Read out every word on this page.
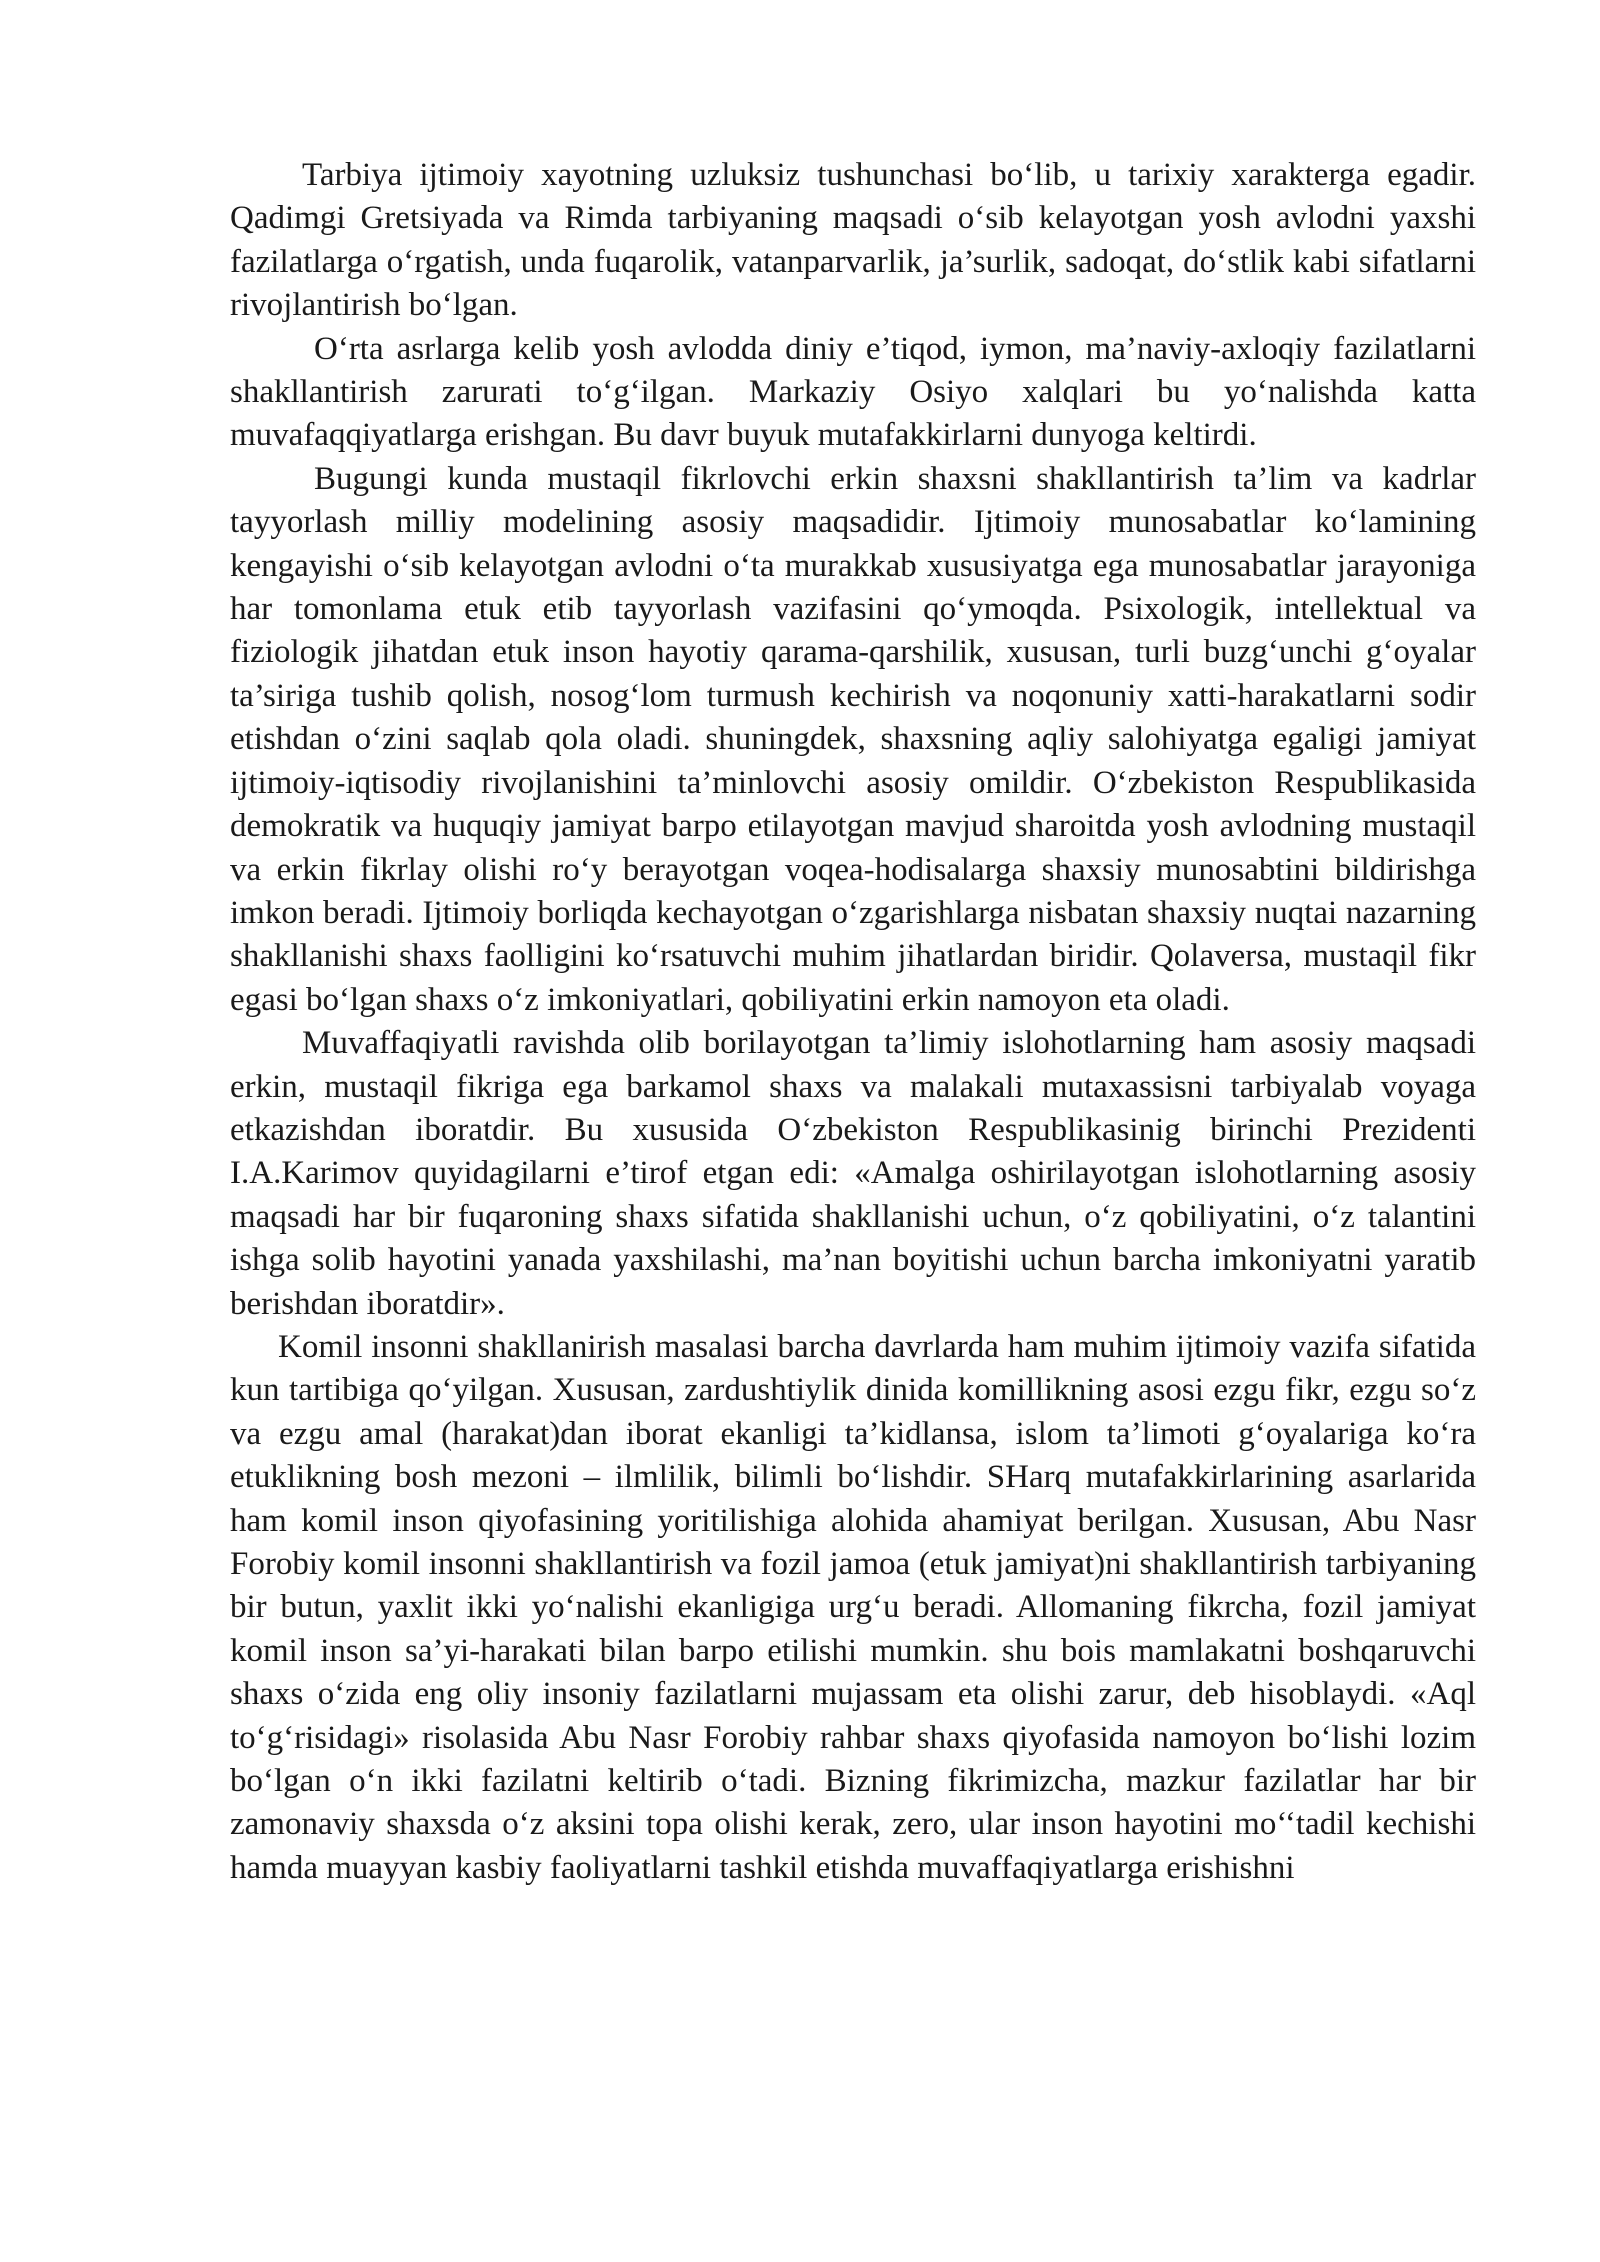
Tarbiya ijtimoiy xayotning uzluksiz tushunchasi bo‘lib, u tarixiy xarakterga egadir. Qadimgi Gretsiyada va Rimda tarbiyaning maqsadi o‘sib kelayotgan yosh avlodni yaxshi fazilatlarga o‘rgatish, unda fuqarolik, vatanparvarlik, ja’surlik, sadoqat, do‘stlik kabi sifatlarni rivojlantirish bo‘lgan.

O‘rta asrlarga kelib yosh avlodda diniy e’tiqod, iymon, ma’naviy-axloqiy fazilatlarni shakllantirish zarurati to‘g‘ilgan. Markaziy Osiyo xalqlari bu yo‘nalishda katta muvafaqqiyatlarga erishgan. Bu davr buyuk mutafakkirlarni dunyoga keltirdi.

Bugungi kunda mustaqil fikrlovchi erkin shaxsni shakllantirish ta’lim va kadrlar tayyorlash milliy modelining asosiy maqsadidir. Ijtimoiy munosabatlar ko‘lamining kengayishi o‘sib kelayotgan avlodni o‘ta murakkab xususiyatga ega munosabatlar jarayoniga har tomonlama etuk etib tayyorlash vazifasini qo‘ymoqda. Psixologik, intellektual va fiziologik jihatdan etuk inson hayotiy qarama-qarshilik, xususan, turli buzg‘unchi g‘oyalar ta’siriga tushib qolish, nosog‘lom turmush kechirish va noqonuniy xatti-harakatlarni sodir etishdan o‘zini saqlab qola oladi. shuningdek, shaxsning aqliy salohiyatga egaligi jamiyat ijtimoiy-iqtisodiy rivojlanishini ta’minlovchi asosiy omildir. O‘zbekiston Respublikasida demokratik va huquqiy jamiyat barpo etilayotgan mavjud sharoitda yosh avlodning mustaqil va erkin fikrlay olishi ro‘y berayotgan voqea-hodisalarga shaxsiy munosabtini bildirishga imkon beradi. Ijtimoiy borliqda kechayotgan o‘zgarishlarga nisbatan shaxsiy nuqtai nazarning shakllanishi shaxs faolligini ko‘rsatuvchi muhim jihatlardan biridir. Qolaversa, mustaqil fikr egasi bo‘lgan shaxs o‘z imkoniyatlari, qobiliyatini erkin namoyon eta oladi.

Muvaffaqiyatli ravishda olib borilayotgan ta’limiy islohotlarning ham asosiy maqsadi erkin, mustaqil fikriga ega barkamol shaxs va malakali mutaxassisni tarbiyalab voyaga etkazishdan iboratdir. Bu xususida O‘zbekiston Respublikasinig birinchi Prezidenti I.A.Karimov quyidagilarni e’tirof etgan edi: «Amalga oshirilayotgan islohotlarning asosiy maqsadi har bir fuqaroning shaxs sifatida shakllanishi uchun, o‘z qobiliyatini, o‘z talantini ishga solib hayotini yanada yaxshilashi, ma’nan boyitishi uchun barcha imkoniyatni yaratib berishdan iboratdir».

Komil insonni shakllanirish masalasi barcha davrlarda ham muhim ijtimoiy vazifa sifatida kun tartibiga qo‘yilgan. Xususan, zardushtiylik dinida komillikning asosi ezgu fikr, ezgu so‘z va ezgu amal (harakat)dan iborat ekanligi ta’kidlansa, islom ta’limoti g‘oyalariga ko‘ra etuklikning bosh mezoni – ilmlilik, bilimli bo‘lishdir. SHarq mutafakkirlarining asarlarida ham komil inson qiyofasining yoritilishiga alohida ahamiyat berilgan. Xususan, Abu Nasr Forobiy komil insonni shakllantirish va fozil jamoa (etuk jamiyat)ni shakllantirish tarbiyaning bir butun, yaxlit ikki yo‘nalishi ekanligiga urg‘u beradi. Allomaning fikrcha, fozil jamiyat komil inson sa’yi-harakati bilan barpo etilishi mumkin. shu bois mamlakatni boshqaruvchi shaxs o‘zida eng oliy insoniy fazilatlarni mujassam eta olishi zarur, deb hisoblaydi. «Aql to‘g‘risidagi» risolasida Abu Nasr Forobiy rahbar shaxs qiyofasida namoyon bo‘lishi lozim bo‘lgan o‘n ikki fazilatni keltirib o‘tadi. Bizning fikrimizcha, mazkur fazilatlar har bir zamonaviy shaxsda o‘z aksini topa olishi kerak, zero, ular inson hayotini mo‘‘tadil kechishi hamda muayyan kasbiy faoliyatlarni tashkil etishda muvaffaqiyatlarga erishishni
